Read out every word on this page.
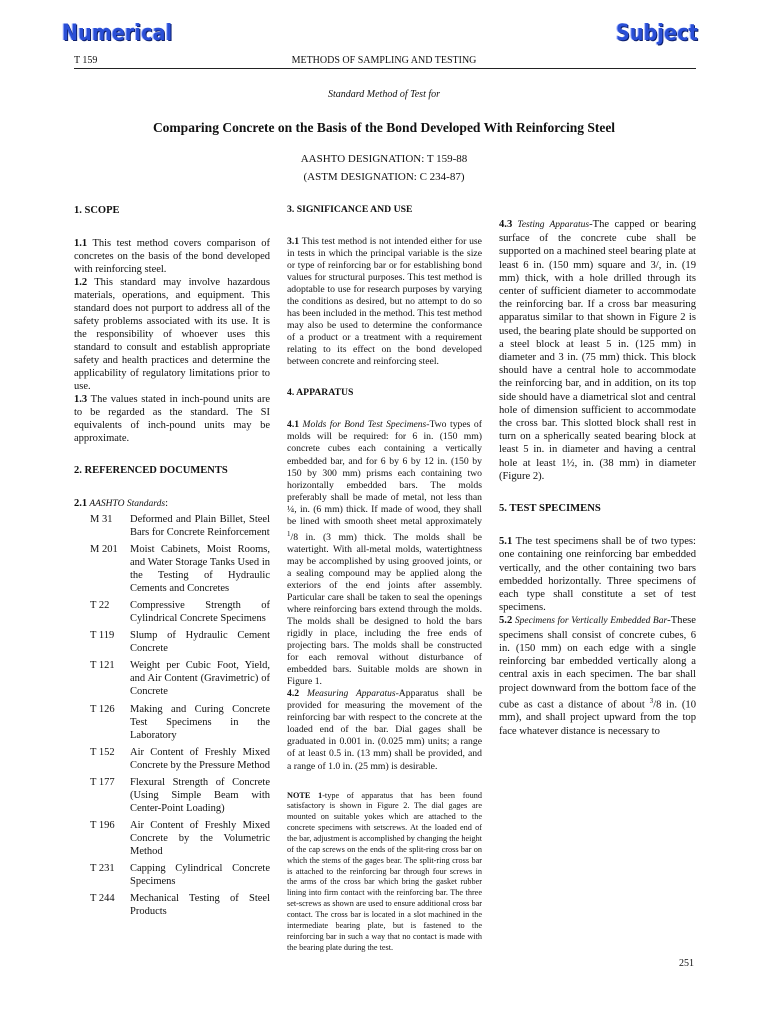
Numerical	Subject
T 159	METHODS OF SAMPLING AND TESTING
Standard Method of Test for
Comparing Concrete on the Basis of the Bond Developed With Reinforcing Steel
AASHTO DESIGNATION: T 159-88
(ASTM DESIGNATION: C 234-87)
1. SCOPE

1.1 This test method covers comparison of concretes on the basis of the bond developed with reinforcing steel.

1.2 This standard may involve hazardous materials, operations, and equipment. This standard does not purport to address all of the safety problems associated with its use. It is the responsibility of whoever uses this standard to consult and establish appropriate safety and health practices and determine the applicability of regulatory limitations prior to use.

1.3 The values stated in inch-pound units are to be regarded as the standard. The SI equivalents of inch-pound units may be approximate.

2. REFERENCED DOCUMENTS

2.1 AASHTO Standards:

M 31	Deformed and Plain Billet, Steel Bars for Concrete Reinforcement
M 201	Moist Cabinets, Moist Rooms, and Water Storage Tanks Used in the Testing of Hydraulic Cements and Concretes
T 22	Compressive Strength of Cylindrical Concrete Specimens
T 119	Slump of Hydraulic Cement Concrete
T 121	Weight per Cubic Foot, Yield, and Air Content (Gravimetric) of Concrete
T 126	Making and Curing Concrete Test Specimens in the Laboratory
T 152	Air Content of Freshly Mixed Concrete by the Pressure Method
T 177	Flexural Strength of Concrete (Using Simple Beam with Center-Point Loading)
T 196	Air Content of Freshly Mixed Concrete by the Volumetric Method
T 231	Capping Cylindrical Concrete Specimens
T 244	Mechanical Testing of Steel Products
3. SIGNIFICANCE AND USE

3.1 This test method is not intended either for use in tests in which the principal variable is the size or type of reinforcing bar or for establishing bond values for structural purposes. This test method is adoptable to use for research purposes by varying the conditions as desired, but no attempt to do so has been included in the method. This test method may also be used to determine the conformance of a product or a treatment with a requirement relating to its effect on the bond developed between concrete and reinforcing steel.

4. APPARATUS

4.1 Molds for Bond Test Specimens-Two types of molds will be required: for 6 in. (150 mm) concrete cubes each containing a vertically embedded bar, and for 6 by 6 by 12 in. (150 by 150 by 300 mm) prisms each containing two horizontally embedded bars. The molds preferably shall be made of metal, not less than ¼, in. (6 mm) thick. If made of wood, they shall be lined with smooth sheet metal approximately $^1$/8 in. (3 mm) thick. The molds shall be watertight. With all-metal molds, watertightness may be accomplished by using grooved joints, or a sealing compound may be applied along the exteriors of the end joints after assembly. Particular care shall be taken to seal the openings where reinforcing bars extend through the molds. The molds shall be designed to hold the bars rigidly in place, including the free ends of projecting bars. The molds shall be constructed for each removal without disturbance of embedded bars. Suitable molds are shown in Figure 1.

4.2 Measuring Apparatus-Apparatus shall be provided for measuring the movement of the reinforcing bar with respect to the concrete at the loaded end of the bar. Dial gages shall be graduated in 0.001 in. (0.025 mm) units; a range of at least 0.5 in. (13 mm) shall be provided, and a range of 1.0 in. (25 mm) is desirable.

NOTE 1-type of apparatus that has been found satisfactory is shown in Figure 2. The dial gages are mounted on suitable yokes which are attached to the concrete specimens with setscrews. At the loaded end of the bar, adjustment is accomplished by changing the height of the cap screws on the ends of the split-ring cross bar on which the stems of the gages bear. The split-ring cross bar is attached to the reinforcing bar through four screws in the arms of the cross bar which bring the gasket rubber lining into firm contact with the reinforcing bar. The three set-screws as shown are used to ensure additional cross bar contact. The cross bar is located in a slot machined in the intermediate bearing plate, but is fastened to the reinforcing bar in such a way that no contact is made with the bearing plate during the test.

4.3 Testing Apparatus-The capped or bearing surface of the concrete cube shall be supported on a machined steel bearing plate at least 6 in. (150 mm) square and 3/, in. (19 mm) thick, with a hole drilled through its center of sufficient diameter to accommodate the reinforcing bar. If a cross bar measuring apparatus similar to that shown in Figure 2 is used, the bearing plate should be supported on a steel block at least 5 in. (125 mm) in diameter and 3 in. (75 mm) thick. This block should have a central hole to accommodate the reinforcing bar, and in addition, on its top side should have a diametrical slot and central hole of dimension sufficient to accommodate the cross bar. This slotted block shall rest in turn on a spherically seated bearing block at least 5 in. in diameter and having a central hole at least 1½, in. (38 mm) in diameter (Figure 2).

5. TEST SPECIMENS

5.1 The test specimens shall be of two types: one containing one reinforcing bar embedded vertically, and the other containing two bars embedded horizontally. Three specimens of each type shall constitute a set of test specimens.

5.2 Specimens for Vertically Embedded Bar-These specimens shall consist of concrete cubes, 6 in. (150 mm) on each edge with a single reinforcing bar embedded vertically along a central axis in each specimen. The bar shall project downward from the bottom face of the cube as cast a distance of about $^3$/8 in. (10 mm), and shall project upward from the top face whatever distance is necessary to

251
